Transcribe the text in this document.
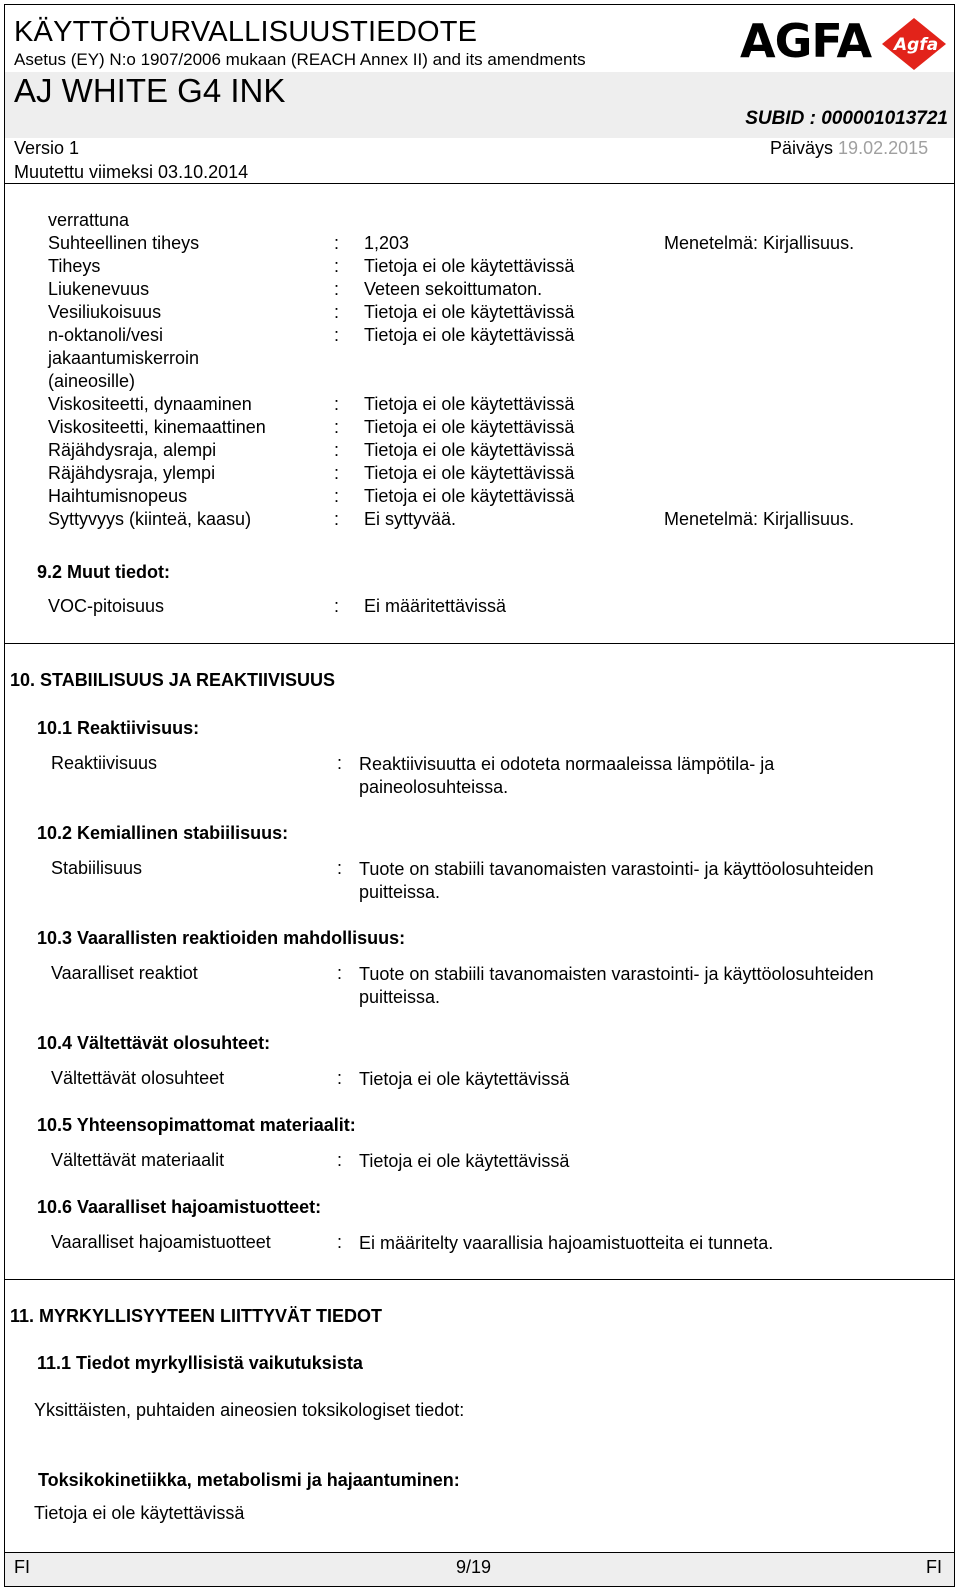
KÄYTTÖTURVALLISUUSTIEDOTE
Asetus (EY) N:o 1907/2006 mukaan (REACH Annex II) and its amendments
AJ WHITE G4 INK
SUBID : 000001013721
Versio 1	Päiväys 19.02.2015
Muutettu viimeksi 03.10.2014
AGFA Agfa
verrattuna
Suhteellinen tiheys	: 1,203	Menetelmä: Kirjallisuus.
Tiheys	: Tietoja ei ole käytettävissä
Liukenevuus	: Veteen sekoittumaton.
Vesiliukoisuus	: Tietoja ei ole käytettävissä
n-oktanoli/vesi	: Tietoja ei ole käytettävissä
jakaantumiskerroin
(aineosille)
Viskositeetti, dynaaminen	: Tietoja ei ole käytettävissä
Viskositeetti, kinemaattinen	: Tietoja ei ole käytettävissä
Räjähdysraja, alempi	: Tietoja ei ole käytettävissä
Räjähdysraja, ylempi	: Tietoja ei ole käytettävissä
Haihtumisnopeus	: Tietoja ei ole käytettävissä
Syttyvyys (kiinteä, kaasu)	: Ei syttyvää.	Menetelmä: Kirjallisuus.
9.2 Muut tiedot:
VOC-pitoisuus	: Ei määritettävissä
10. STABIILISUUS JA REAKTIIVISUUS
10.1 Reaktiivisuus:
Reaktiivisuus	: Reaktiivisuutta ei odoteta normaaleissa lämpötila- ja paineolosuhteissa.
10.2 Kemiallinen stabiilisuus:
Stabiilisuus	: Tuote on stabiili tavanomaisten varastointi- ja käyttöolosuhteiden puitteissa.
10.3 Vaarallisten reaktioiden mahdollisuus:
Vaaralliset reaktiot	: Tuote on stabiili tavanomaisten varastointi- ja käyttöolosuhteiden puitteissa.
10.4 Vältettävät olosuhteet:
Vältettävät olosuhteet	: Tietoja ei ole käytettävissä
10.5 Yhteensopimattomat materiaalit:
Vältettävät materiaalit	: Tietoja ei ole käytettävissä
10.6 Vaaralliset hajoamistuotteet:
Vaaralliset hajoamistuotteet	: Ei määritelty vaarallisia hajoamistuotteita ei tunneta.
11. MYRKYLLISYYTEEN LIITTYVÄT TIEDOT
11.1 Tiedot myrkyllisistä vaikutuksista
Yksittäisten, puhtaiden aineosien toksikologiset tiedot:
Toksikokinetiikka, metabolismi ja hajaantuminen:
Tietoja ei ole käytettävissä
FI	9/19	FI
